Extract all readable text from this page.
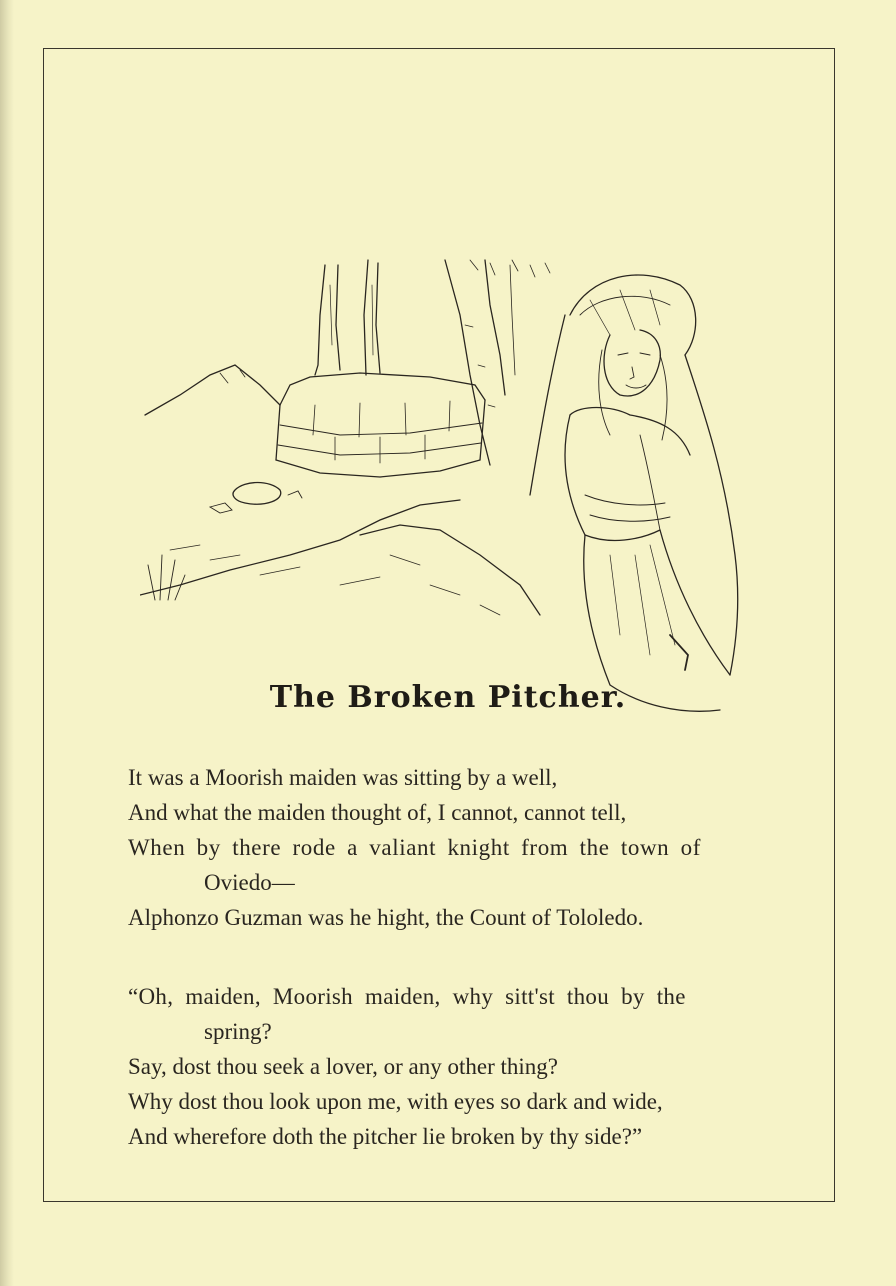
The Broken Pitcher.
It was a Moorish maiden was sitting by a well,
And what the maiden thought of, I cannot, cannot tell,
When by there rode a valiant knight from the town of
Oviedo—
Alphonzo Guzman was he hight, the Count of Tololedo.
“Oh, maiden, Moorish maiden, why sitt'st thou by the
spring?
Say, dost thou seek a lover, or any other thing?
Why dost thou look upon me, with eyes so dark and wide,
And wherefore doth the pitcher lie broken by thy side?”
